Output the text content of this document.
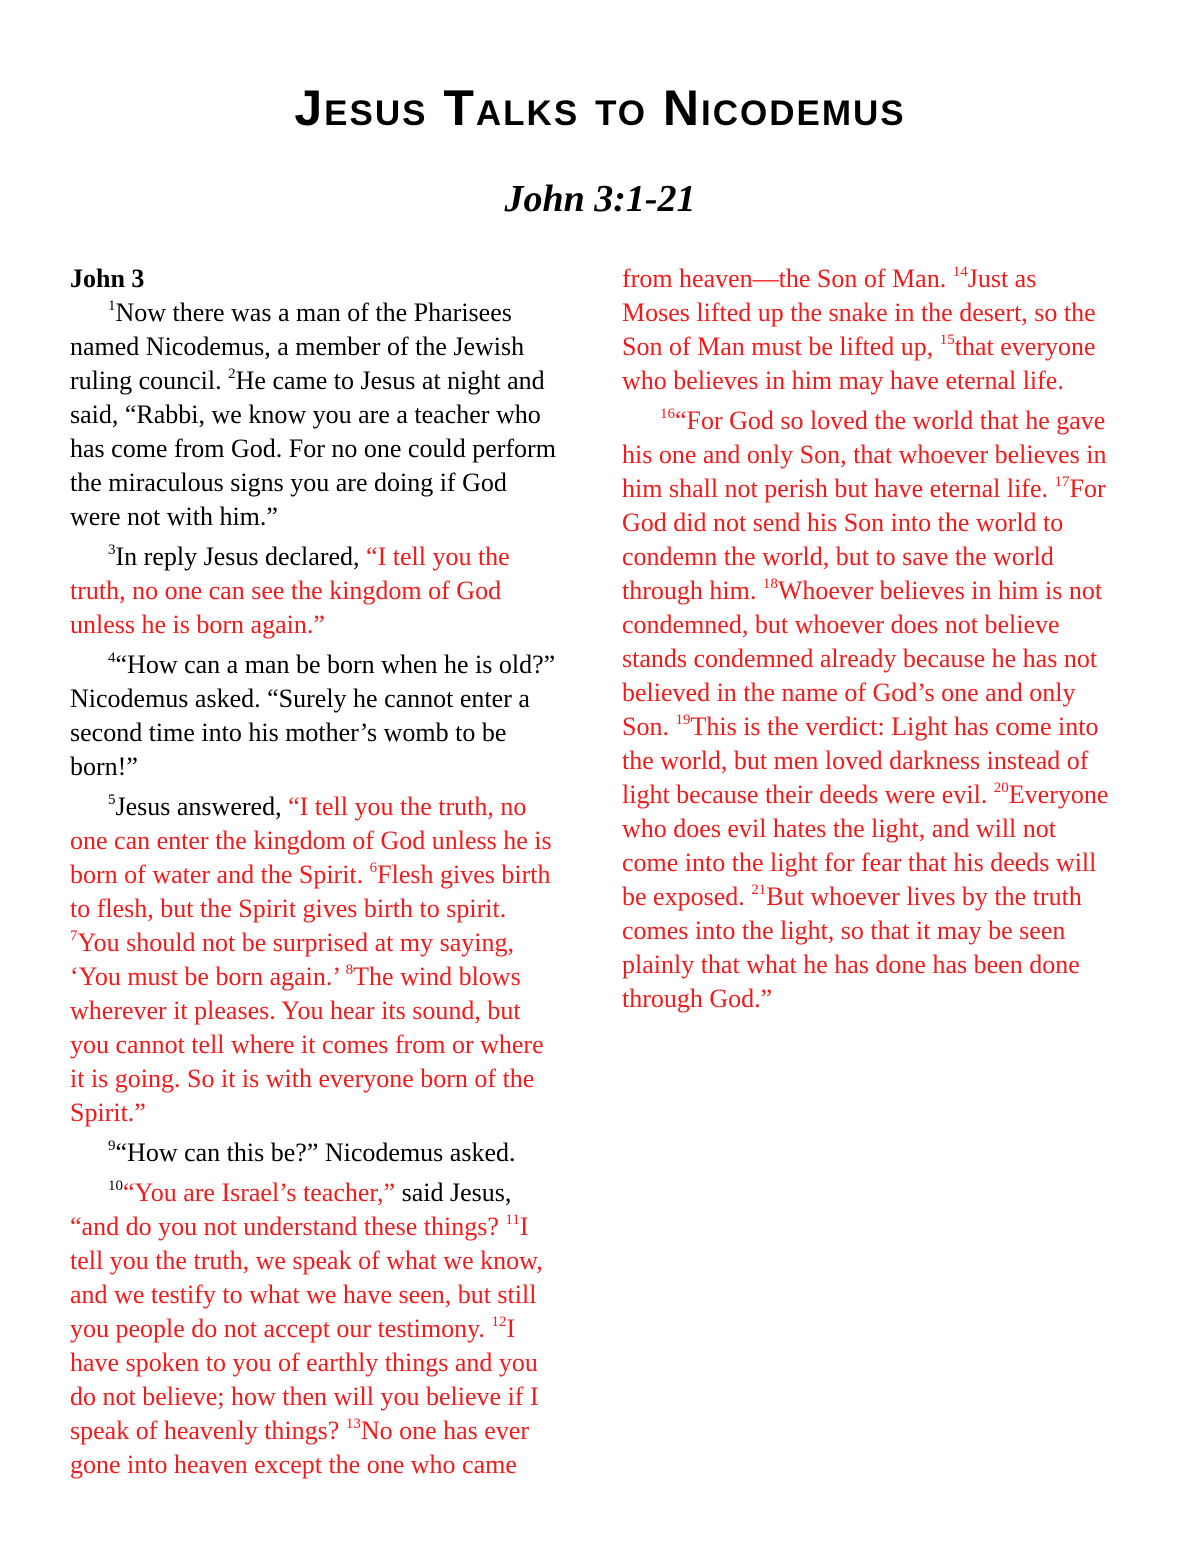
Jesus Talks to Nicodemus
John 3:1-21

John 3

$^1$Now there was a man of the Pharisees named Nicodemus, a member of the Jewish ruling council. $^2$He came to Jesus at night and said, “Rabbi, we know you are a teacher who has come from God. For no one could perform the miraculous signs you are doing if God were not with him.”

$^3$In reply Jesus declared, “I tell you the truth, no one can see the kingdom of God unless he is born again.”

$^4$“How can a man be born when he is old?” Nicodemus asked. “Surely he cannot enter a second time into his mother’s womb to be born!”

$^5$Jesus answered, “I tell you the truth, no one can enter the kingdom of God unless he is born of water and the Spirit. $^6$Flesh gives birth to flesh, but the Spirit gives birth to spirit. $^7$You should not be surprised at my saying, ‘You must be born again.’ $^8$The wind blows wherever it pleases. You hear its sound, but you cannot tell where it comes from or where it is going. So it is with everyone born of the Spirit.”

$^9$“How can this be?” Nicodemus asked.

$^{10}$“You are Israel’s teacher,” said Jesus, “and do you not understand these things? $^{11}$I tell you the truth, we speak of what we know, and we testify to what we have seen, but still you people do not accept our testimony. $^{12}$I have spoken to you of earthly things and you do not believe; how then will you believe if I speak of heavenly things? $^{13}$No one has ever gone into heaven except the one who came from heaven—the Son of Man. $^{14}$Just as Moses lifted up the snake in the desert, so the Son of Man must be lifted up, $^{15}$that everyone who believes in him may have eternal life.

$^{16}$“For God so loved the world that he gave his one and only Son, that whoever believes in him shall not perish but have eternal life. $^{17}$For God did not send his Son into the world to condemn the world, but to save the world through him. $^{18}$Whoever believes in him is not condemned, but whoever does not believe stands condemned already because he has not believed in the name of God’s one and only Son. $^{19}$This is the verdict: Light has come into the world, but men loved darkness instead of light because their deeds were evil. $^{20}$Everyone who does evil hates the light, and will not come into the light for fear that his deeds will be exposed. $^{21}$But whoever lives by the truth comes into the light, so that it may be seen plainly that what he has done has been done through God.”
